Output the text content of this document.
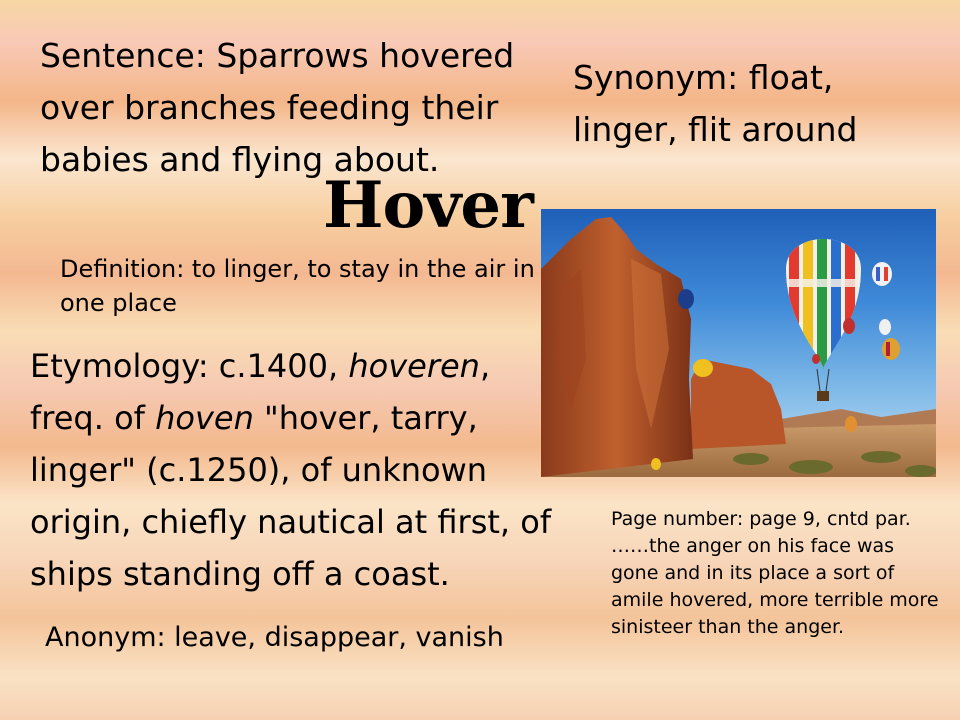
Sentence: Sparrows hovered over branches feeding their babies and flying about.
Synonym: float, linger, flit around
Hover
Definition: to linger, to stay in the air in one place
Etymology: c.1400, hoveren, freq. of hoven "hover, tarry, linger" (c.1250), of unknown origin, chiefly nautical at first, of ships standing off a coast.
Anonym: leave, disappear, vanish
Page number: page 9, cntd par. ……the anger on his face was gone and in its place a sort of amile hovered, more terrible more sinisteer than the anger.
